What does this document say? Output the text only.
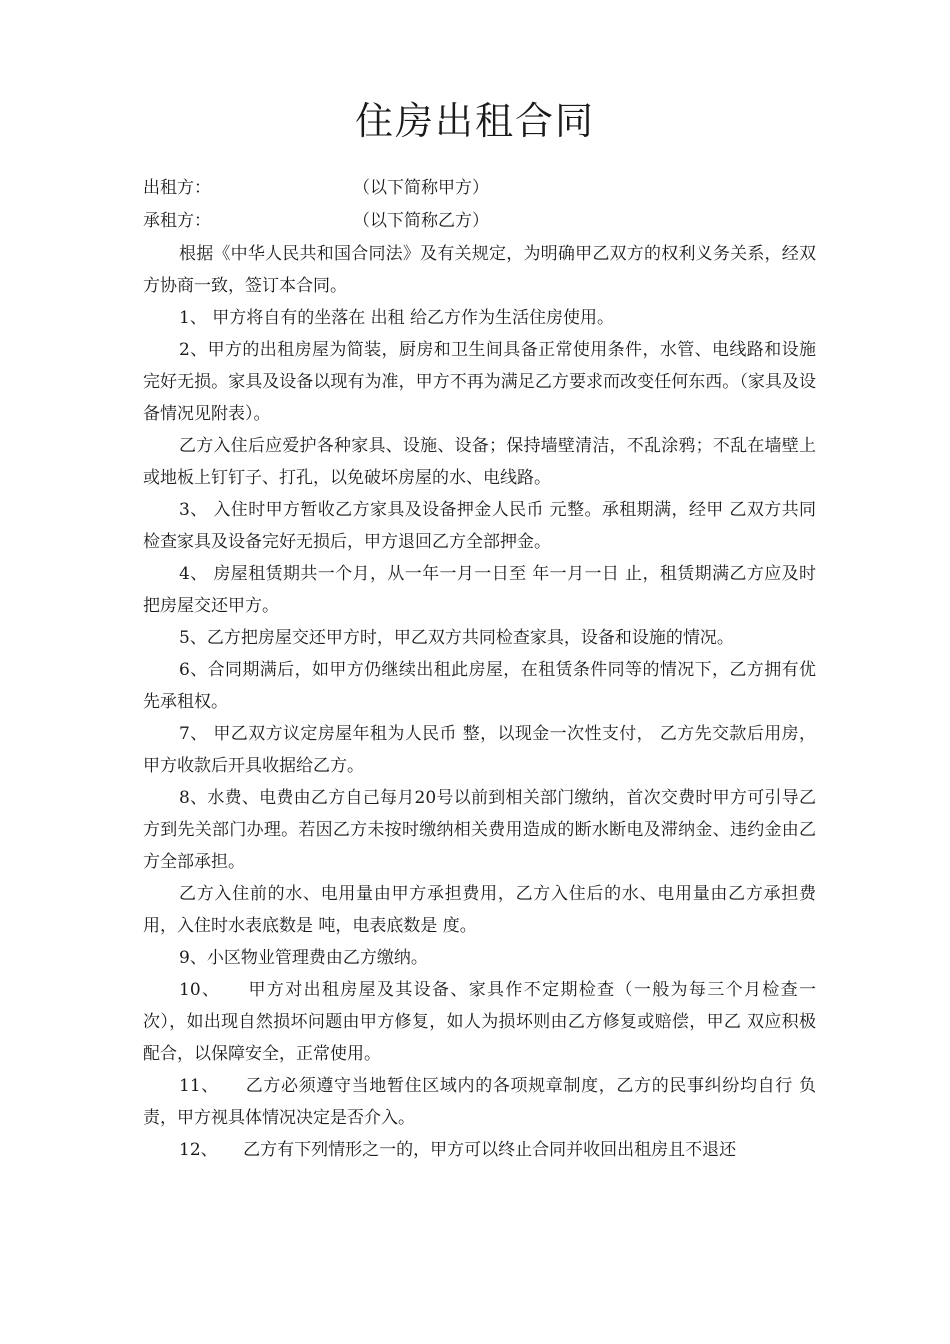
住房出租合同
出租方：	（以下简称甲方）
承租方：	（以下简称乙方）

根据《中华人民共和国合同法》及有关规定，为明确甲乙双方的权利义务关系，经双方协商一致，签订本合同。

1、 甲方将自有的坐落在 出租 给乙方作为生活住房使用。

2、甲方的出租房屋为简装，厨房和卫生间具备正常使用条件，水管、电线路和设施完好无损。家具及设备以现有为准，甲方不再为满足乙方要求而改变任何东西。（家具及设备情况见附表）。

乙方入住后应爱护各种家具、设施、设备；保持墙壁清洁，不乱涂鸦；不乱在墙壁上或地板上钉钉子、打孔，以免破坏房屋的水、电线路。

3、 入住时甲方暂收乙方家具及设备押金人民币 元整。承租期满，经甲 乙双方共同检查家具及设备完好无损后，甲方退回乙方全部押金。

4、 房屋租赁期共一个月，从一年一月一日至 年一月一日 止，租赁期满乙方应及时把房屋交还甲方。

5、乙方把房屋交还甲方时，甲乙双方共同检查家具，设备和设施的情况。

6、合同期满后，如甲方仍继续出租此房屋，在租赁条件同等的情况下，乙方拥有优先承租权。

7、 甲乙双方议定房屋年租为人民币 整，以现金一次性支付， 乙方先交款后用房，甲方收款后开具收据给乙方。

8、水费、电费由乙方自己每月20号以前到相关部门缴纳，首次交费时甲方可引导乙方到先关部门办理。若因乙方未按时缴纳相关费用造成的断水断电及滞纳金、违约金由乙方全部承担。

乙方入住前的水、电用量由甲方承担费用，乙方入住后的水、电用量由乙方承担费用，入住时水表底数是 吨，电表底数是 度。

9、小区物业管理费由乙方缴纳。

10、　　甲方对出租房屋及其设备、家具作不定期检查（一般为每三个月检查一 次），如出现自然损坏问题由甲方修复，如人为损坏则由乙方修复或赔偿，甲乙 双应积极配合，以保障安全，正常使用。

11、　　乙方必须遵守当地暂住区域内的各项规章制度，乙方的民事纠纷均自行 负责，甲方视具体情况决定是否介入。

12、　　乙方有下列情形之一的，甲方可以终止合同并收回出租房且不退还
